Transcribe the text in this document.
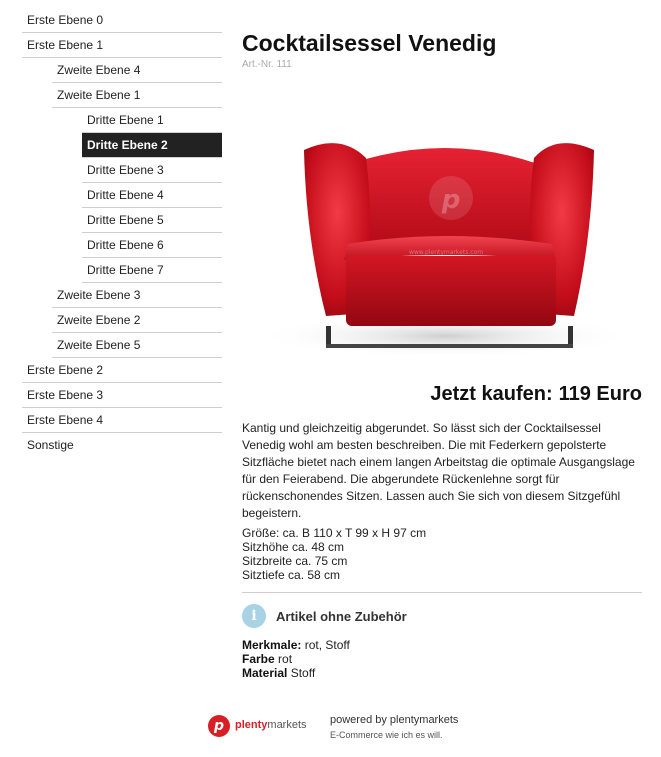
Erste Ebene 0
Erste Ebene 1
Zweite Ebene 4
Zweite Ebene 1
Dritte Ebene 1
Dritte Ebene 2
Dritte Ebene 3
Dritte Ebene 4
Dritte Ebene 5
Dritte Ebene 6
Dritte Ebene 7
Zweite Ebene 3
Zweite Ebene 2
Zweite Ebene 5
Erste Ebene 2
Erste Ebene 3
Erste Ebene 4
Sonstige
Cocktailsessel Venedig
Art.-Nr. 111
p
www.plentymarkets.com
Jetzt kaufen: 119 Euro

Kantig und gleichzeitig abgerundet. So lässt sich der Cocktailsessel Venedig wohl am besten beschreiben. Die mit Federkern gepolsterte Sitzfläche bietet nach einem langen Arbeitstag die optimale Ausgangslage für den Feierabend. Die abgerundete Rückenlehne sorgt für rückenschonendes Sitzen. Lassen auch Sie sich von diesem Sitzgefühl begeistern.

Größe: ca. B 110 x T 99 x H 97 cm
Sitzhöhe ca. 48 cm
Sitzbreite ca. 75 cm
Sitztiefe ca. 58 cm
i	Artikel ohne Zubehör
Merkmale: rot, Stoff
Farbe rot
Material Stoff
p plentymarkets powered by plentymarkets
E-Commerce wie ich es will.
